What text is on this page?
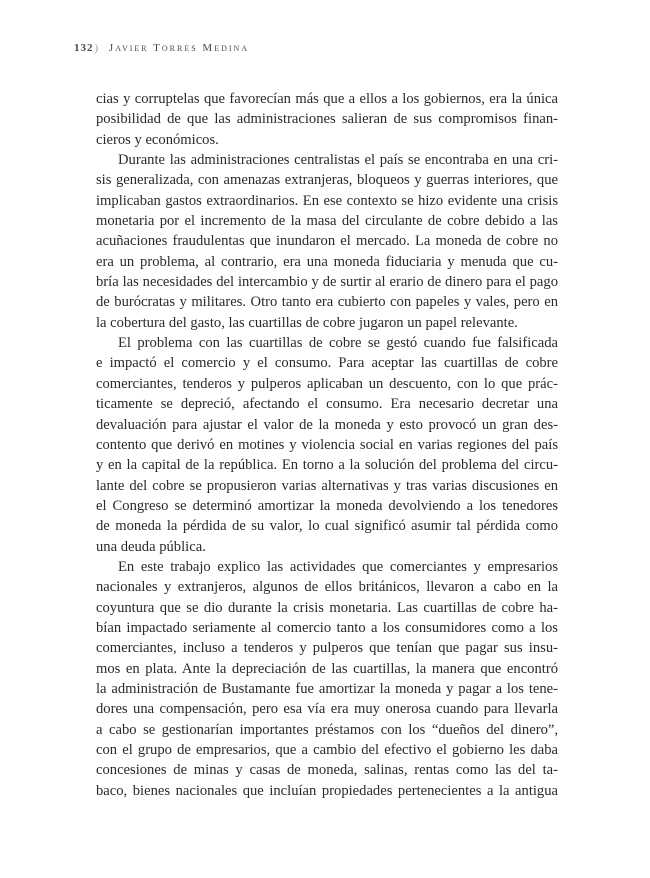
132) Javier Torres Medina
cias y corruptelas que favorecían más que a ellos a los gobiernos, era la única
posibilidad de que las administraciones salieran de sus compromisos finan-
cieros y económicos.
Durante las administraciones centralistas el país se encontraba en una cri-
sis generalizada, con amenazas extranjeras, bloqueos y guerras interiores, que
implicaban gastos extraordinarios. En ese contexto se hizo evidente una crisis
monetaria por el incremento de la masa del circulante de cobre debido a las
acuñaciones fraudulentas que inundaron el mercado. La moneda de cobre no
era un problema, al contrario, era una moneda fiduciaria y menuda que cu-
bría las necesidades del intercambio y de surtir al erario de dinero para el pago
de burócratas y militares. Otro tanto era cubierto con papeles y vales, pero en
la cobertura del gasto, las cuartillas de cobre jugaron un papel relevante.
El problema con las cuartillas de cobre se gestó cuando fue falsificada
e impactó el comercio y el consumo. Para aceptar las cuartillas de cobre
comerciantes, tenderos y pulperos aplicaban un descuento, con lo que prác-
ticamente se depreció, afectando el consumo. Era necesario decretar una
devaluación para ajustar el valor de la moneda y esto provocó un gran des-
contento que derivó en motines y violencia social en varias regiones del país
y en la capital de la república. En torno a la solución del problema del circu-
lante del cobre se propusieron varias alternativas y tras varias discusiones en
el Congreso se determinó amortizar la moneda devolviendo a los tenedores
de moneda la pérdida de su valor, lo cual significó asumir tal pérdida como
una deuda pública.
En este trabajo explico las actividades que comerciantes y empresarios
nacionales y extranjeros, algunos de ellos británicos, llevaron a cabo en la
coyuntura que se dio durante la crisis monetaria. Las cuartillas de cobre ha-
bían impactado seriamente al comercio tanto a los consumidores como a los
comerciantes, incluso a tenderos y pulperos que tenían que pagar sus insu-
mos en plata. Ante la depreciación de las cuartillas, la manera que encontró
la administración de Bustamante fue amortizar la moneda y pagar a los tene-
dores una compensación, pero esa vía era muy onerosa cuando para llevarla
a cabo se gestionarían importantes préstamos con los “dueños del dinero”,
con el grupo de empresarios, que a cambio del efectivo el gobierno les daba
concesiones de minas y casas de moneda, salinas, rentas como las del ta-
baco, bienes nacionales que incluían propiedades pertenecientes a la antigua
